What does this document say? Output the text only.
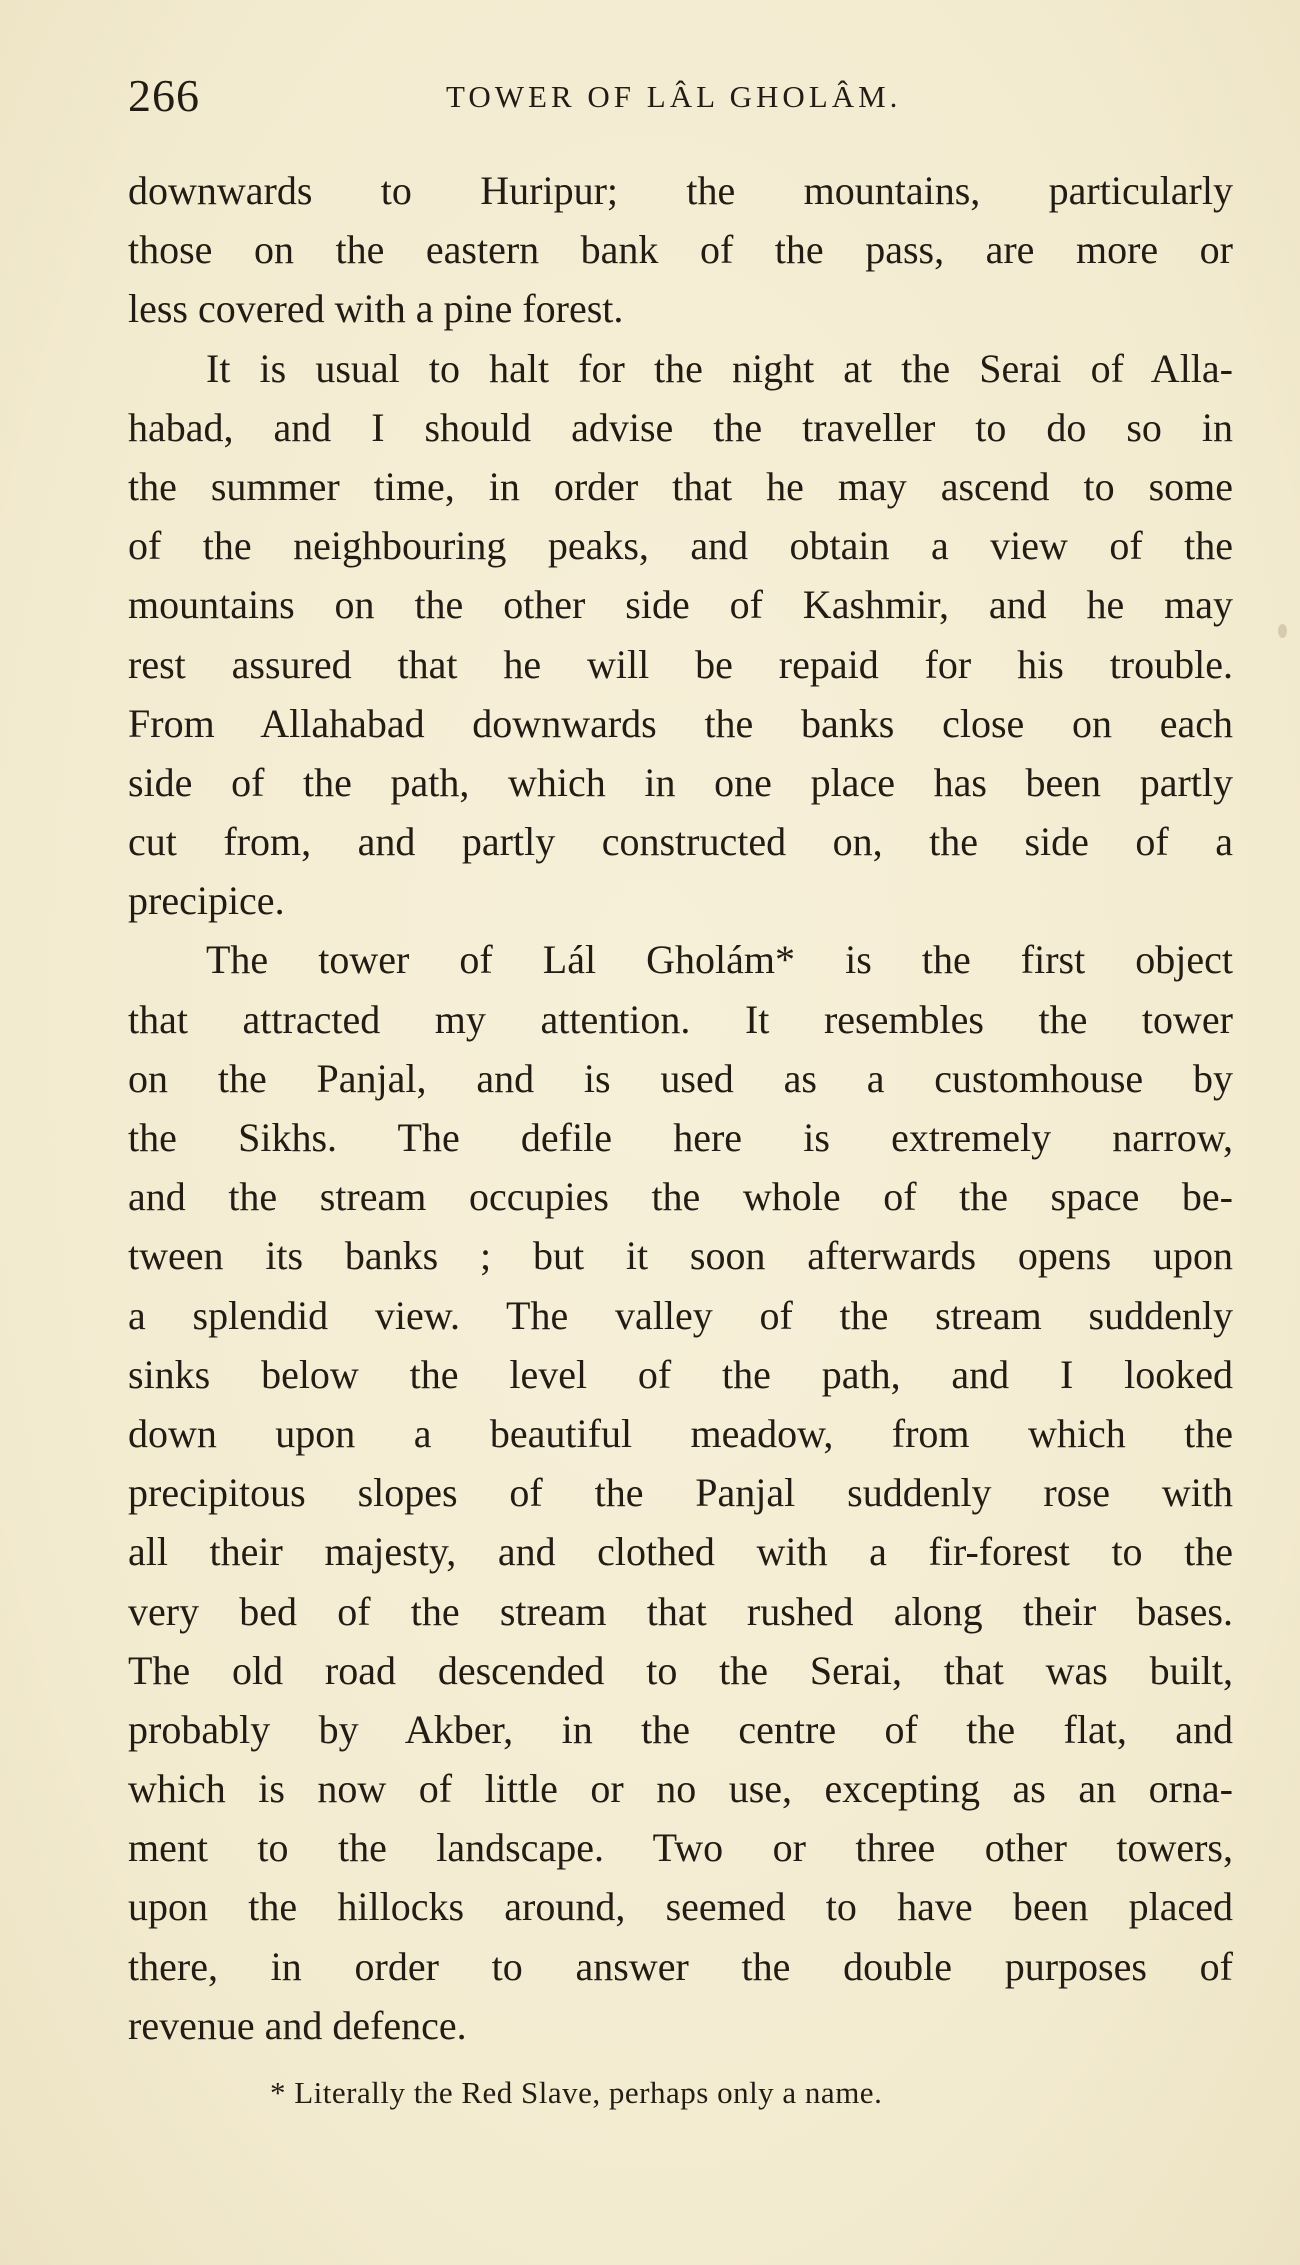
266	TOWER OF LÂL GHOLÂM.
downwards to Huripur; the mountains, particularly
those on the eastern bank of the pass, are more or
less covered with a pine forest.
It is usual to halt for the night at the Serai of Alla-
habad, and I should advise the traveller to do so in
the summer time, in order that he may ascend to some
of the neighbouring peaks, and obtain a view of the
mountains on the other side of Kashmir, and he may
rest assured that he will be repaid for his trouble.
From Allahabad downwards the banks close on each
side of the path, which in one place has been partly
cut from, and partly constructed on, the side of a
precipice.
The tower of Lál Gholám* is the first object
that attracted my attention. It resembles the tower
on the Panjal, and is used as a customhouse by
the Sikhs. The defile here is extremely narrow,
and the stream occupies the whole of the space be-
tween its banks ; but it soon afterwards opens upon
a splendid view. The valley of the stream suddenly
sinks below the level of the path, and I looked
down upon a beautiful meadow, from which the
precipitous slopes of the Panjal suddenly rose with
all their majesty, and clothed with a fir-forest to the
very bed of the stream that rushed along their bases.
The old road descended to the Serai, that was built,
probably by Akber, in the centre of the flat, and
which is now of little or no use, excepting as an orna-
ment to the landscape. Two or three other towers,
upon the hillocks around, seemed to have been placed
there, in order to answer the double purposes of
revenue and defence.
* Literally the Red Slave, perhaps only a name.
